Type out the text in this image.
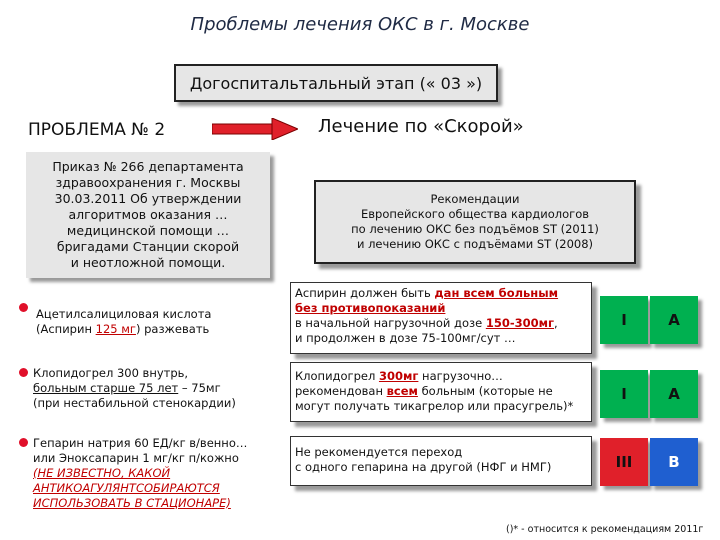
Проблемы лечения ОКС в г. Москве
Догоспитальтальный этап (« 03 »)
ПРОБЛЕМА № 2	Лечение по «Скорой»
Приказ № 266 департамента
здравоохранения г. Москвы
30.03.2011 Об утверждении
алгоритмов оказания …
медицинской помощи …
бригадами Станции скорой
и неотложной помощи.
Рекомендации
Европейского общества кардиологов
по лечению ОКС без подъёмов ST (2011)
и лечению ОКС с подъёмами ST (2008)
Ацетилсалициловая кислота
(Аспирин 125 мг) разжевать
Клопидогрел 300 внутрь,
больным старше 75 лет – 75мг
(при нестабильной стенокардии)
Гепарин натрия 60 ЕД/кг в/венно…
или Эноксапарин 1 мг/кг п/кожно
(НЕ ИЗВЕСТНО, КАКОЙ
АНТИКОАГУЛЯНТСОБИРАЮТСЯ
ИСПОЛЬЗОВАТЬ В СТАЦИОНАРЕ)
Аспирин должен быть дан всем больным
без противопоказаний
в начальной нагрузочной дозе 150-300мг,
и продолжен в дозе 75-100мг/сут …
Клопидогрел 300мг нагрузочно…
рекомендован всем больным (которые не
могут получать тикагрелор или прасугрель)*
Не рекомендуется переход
с одного гепарина на другой (НФГ и НМГ)
I	A
I	A
III	B
()* - относится к рекомендациям 2011г
